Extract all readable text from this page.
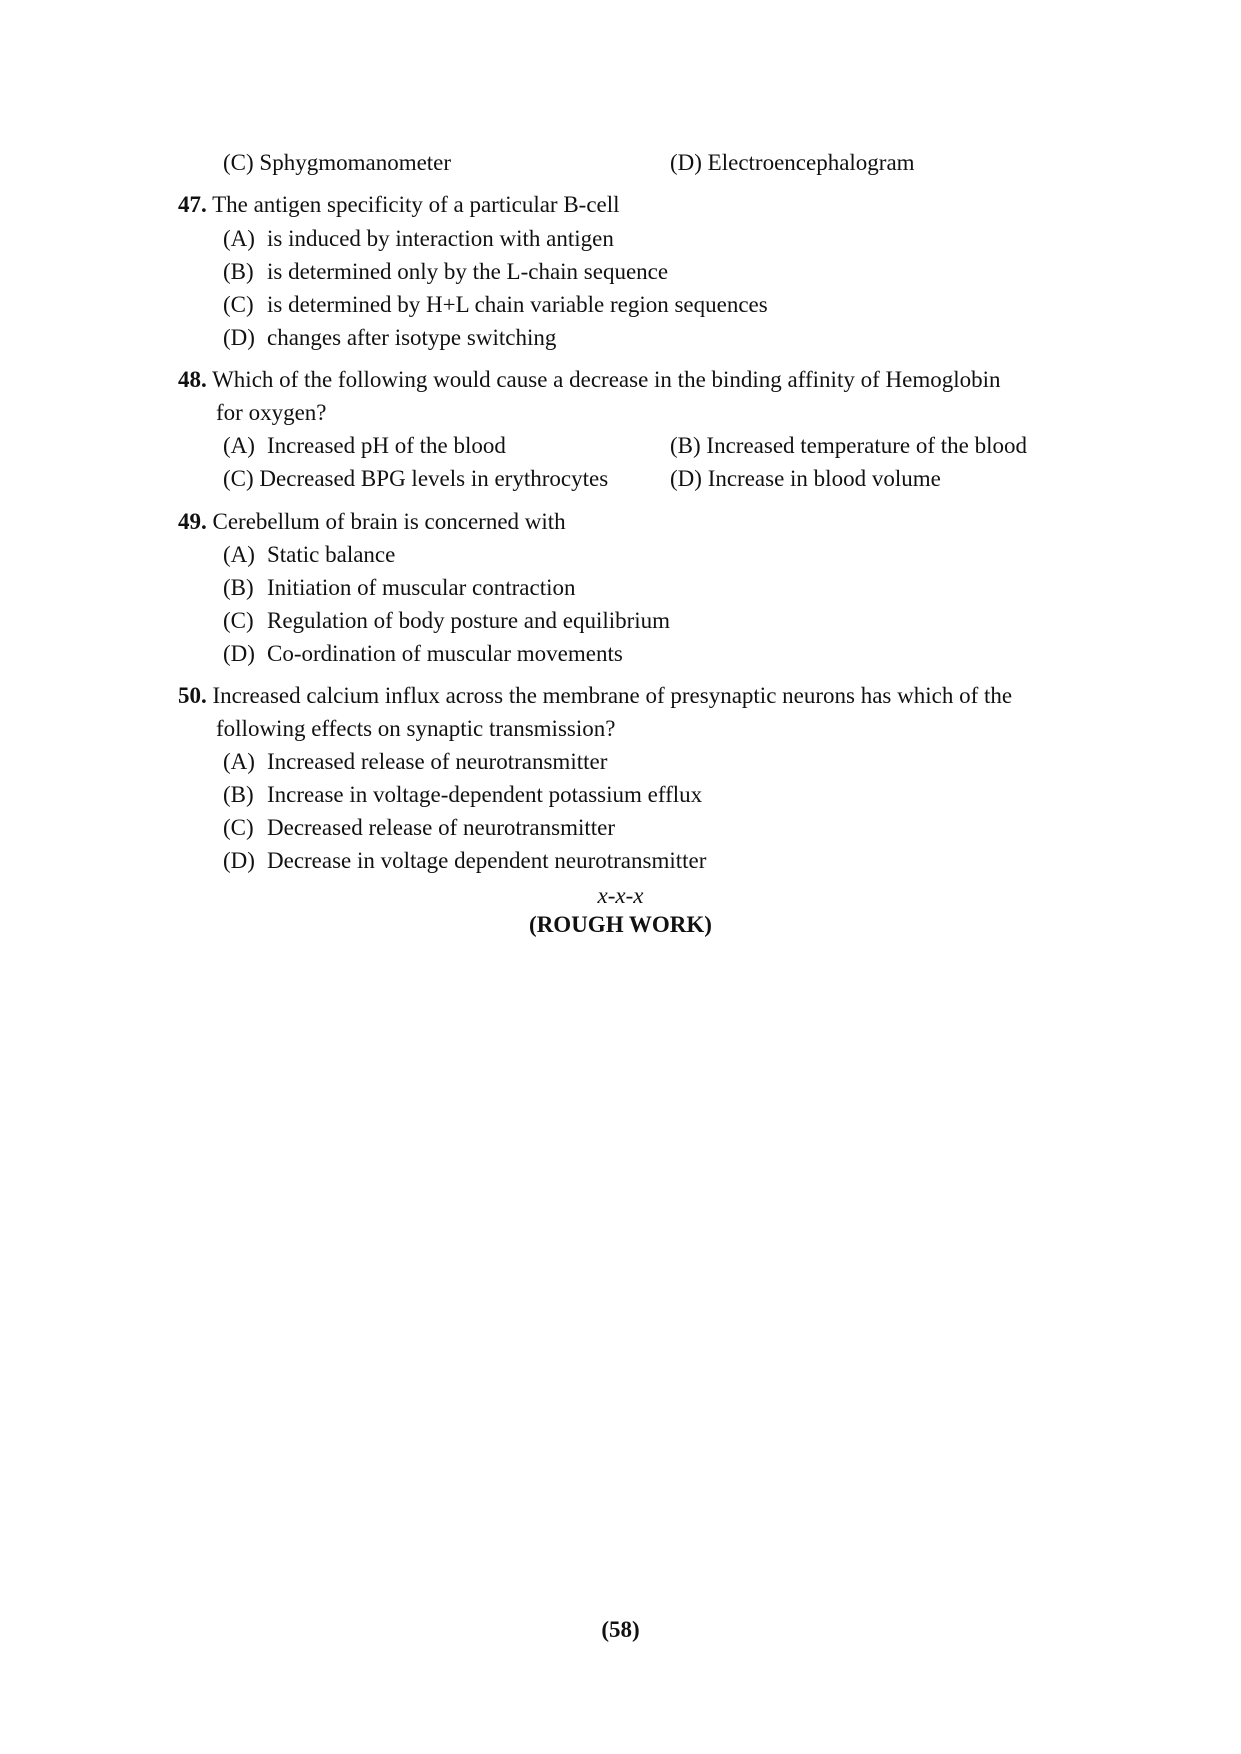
(C) Sphygmomanometer	(D) Electroencephalogram
47. The antigen specificity of a particular B-cell
(A) is induced by interaction with antigen
(B) is determined only by the L-chain sequence
(C) is determined by H+L chain variable region sequences
(D) changes after isotype switching
48. Which of the following would cause a decrease in the binding affinity of Hemoglobin
for oxygen?
(A) Increased pH of the blood	(B) Increased temperature of the blood
(C) Decreased BPG levels in erythrocytes	(D) Increase in blood volume
49. Cerebellum of brain is concerned with
(A) Static balance
(B) Initiation of muscular contraction
(C) Regulation of body posture and equilibrium
(D) Co-ordination of muscular movements
50. Increased calcium influx across the membrane of presynaptic neurons has which of the
following effects on synaptic transmission?
(A) Increased release of neurotransmitter
(B) Increase in voltage-dependent potassium efflux
(C) Decreased release of neurotransmitter
(D) Decrease in voltage dependent neurotransmitter
x-x-x
(ROUGH WORK)
(58)
